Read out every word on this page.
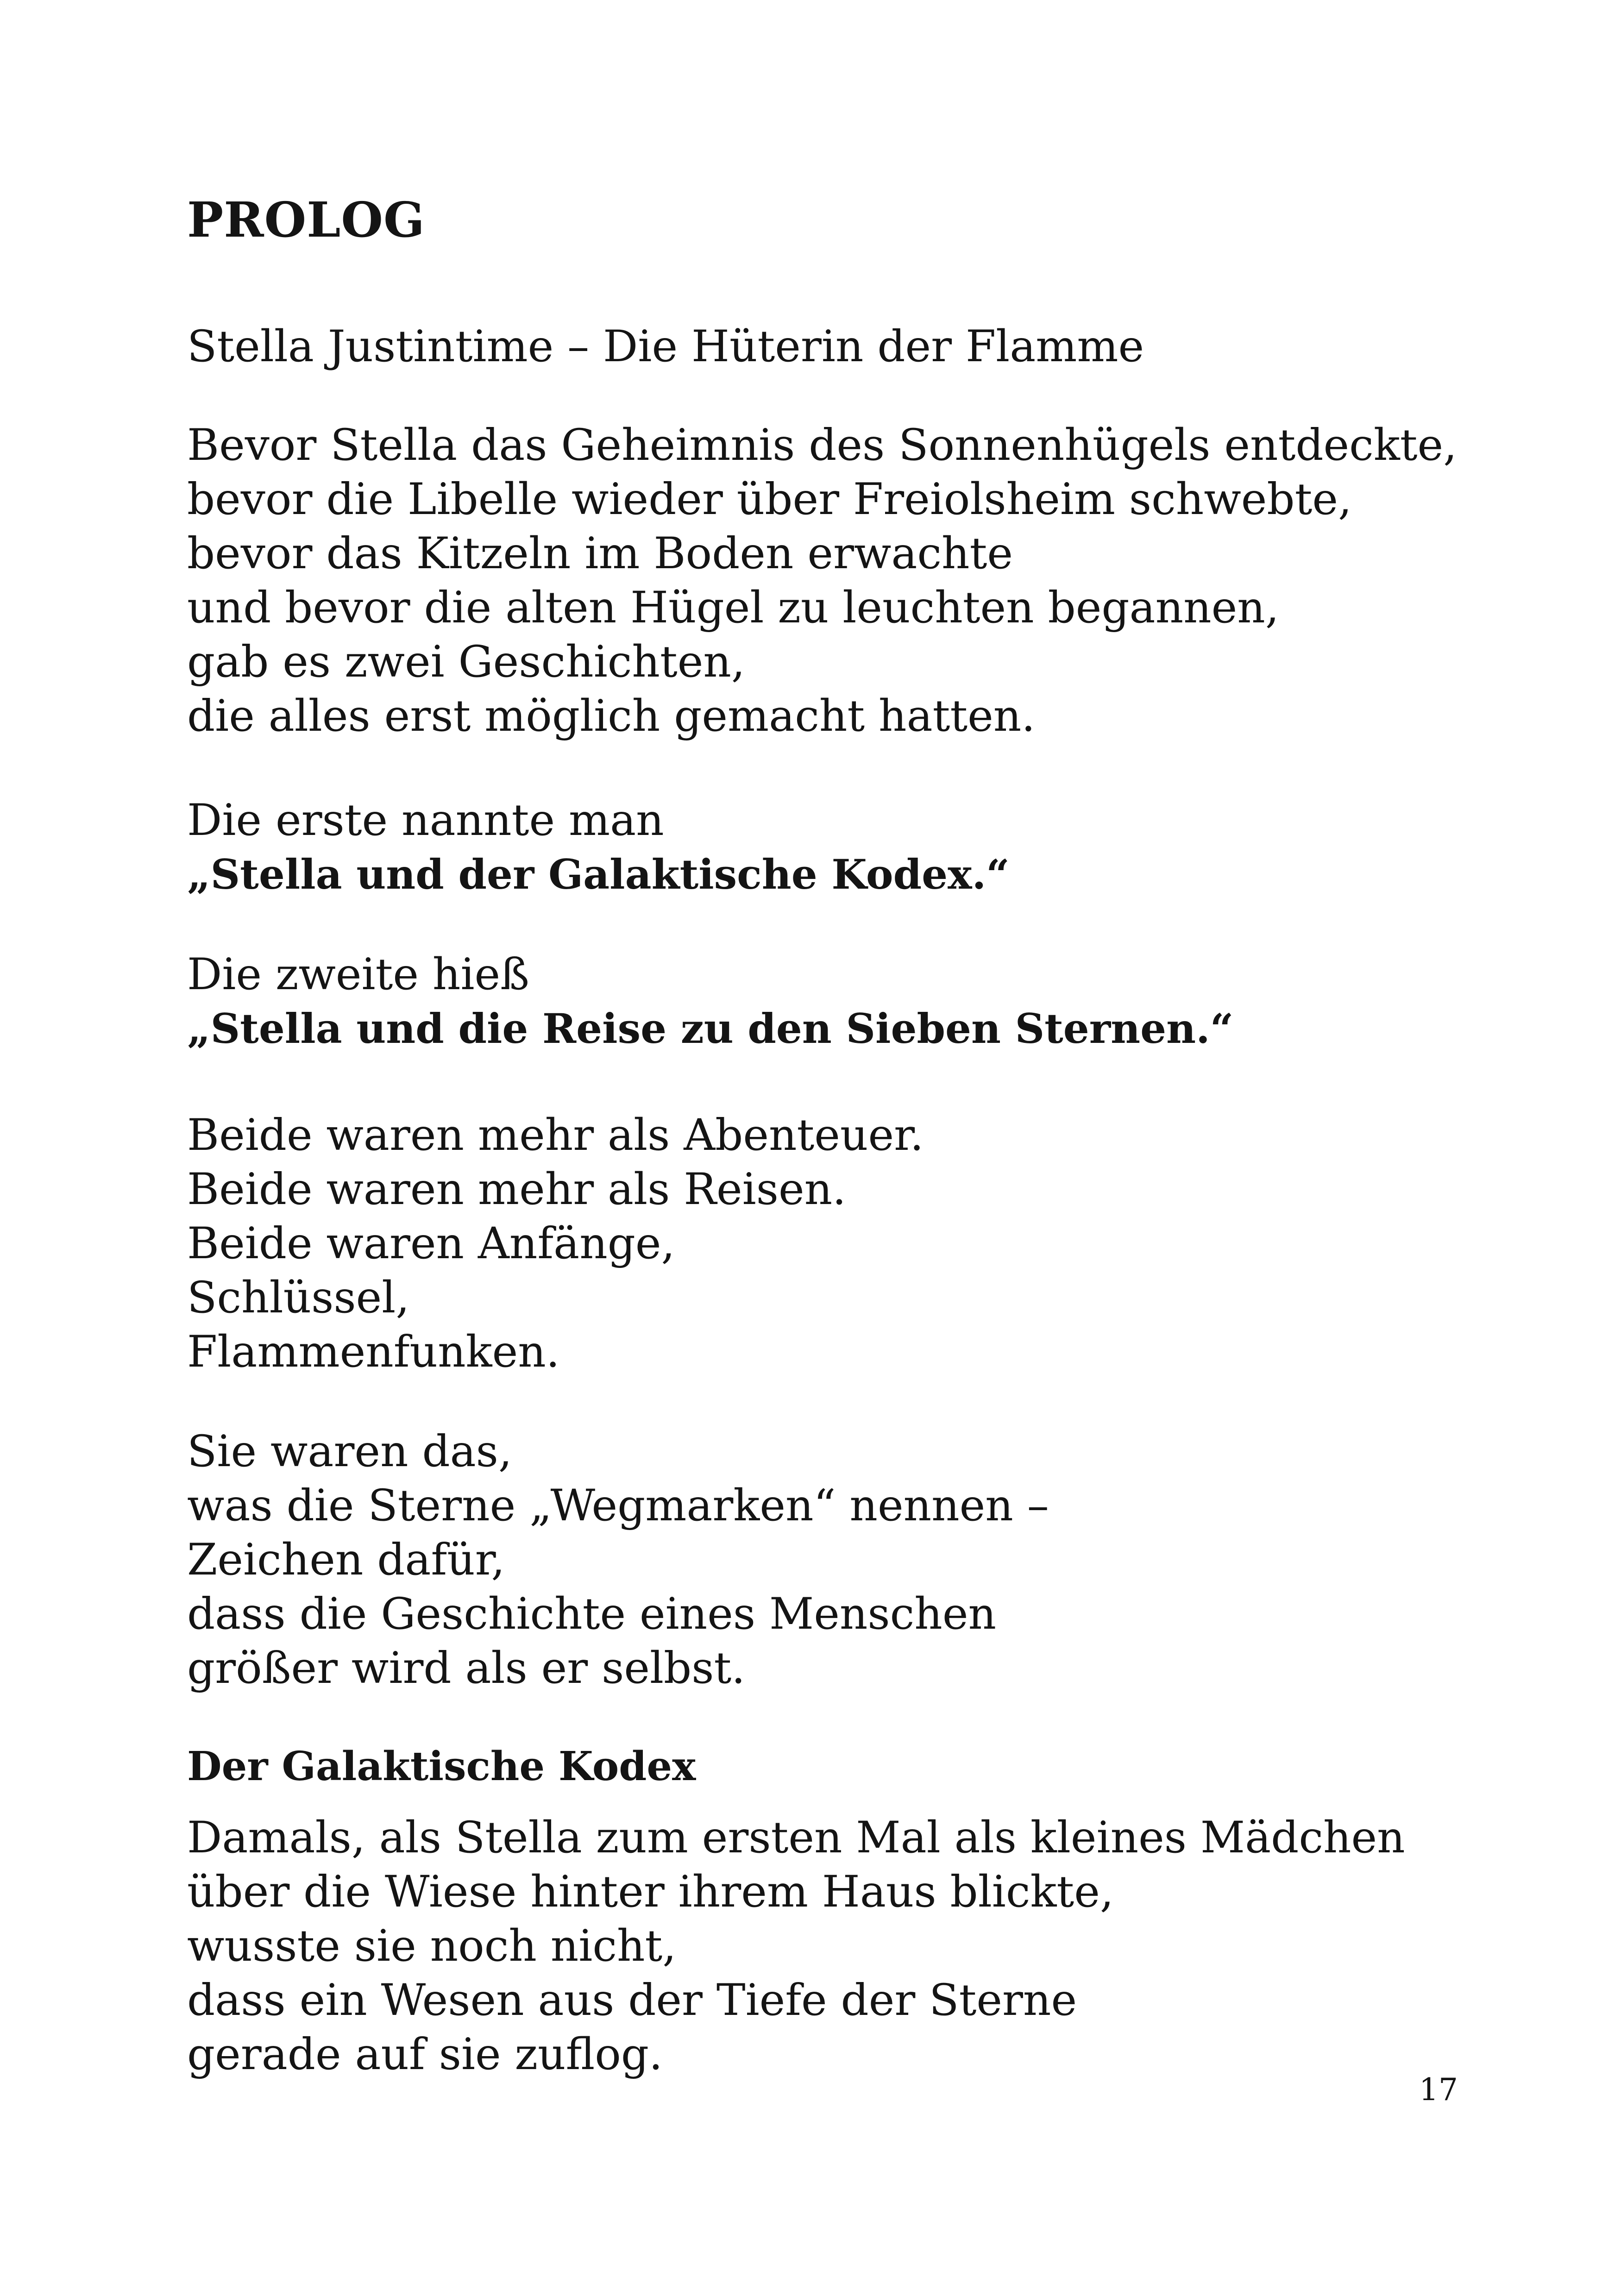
PROLOG
Stella Justintime – Die Hüterin der Flamme
Bevor Stella das Geheimnis des Sonnenhügels entdeckte,
bevor die Libelle wieder über Freiolsheim schwebte,
bevor das Kitzeln im Boden erwachte
und bevor die alten Hügel zu leuchten begannen,
gab es zwei Geschichten,
die alles erst möglich gemacht hatten.
Die erste nannte man
„Stella und der Galaktische Kodex.“
Die zweite hieß
„Stella und die Reise zu den Sieben Sternen.“
Beide waren mehr als Abenteuer.
Beide waren mehr als Reisen.
Beide waren Anfänge,
Schlüssel,
Flammenfunken.
Sie waren das,
was die Sterne „Wegmarken“ nennen –
Zeichen dafür,
dass die Geschichte eines Menschen
größer wird als er selbst.
Der Galaktische Kodex
Damals, als Stella zum ersten Mal als kleines Mädchen
über die Wiese hinter ihrem Haus blickte,
wusste sie noch nicht,
dass ein Wesen aus der Tiefe der Sterne
gerade auf sie zuflog.
17
